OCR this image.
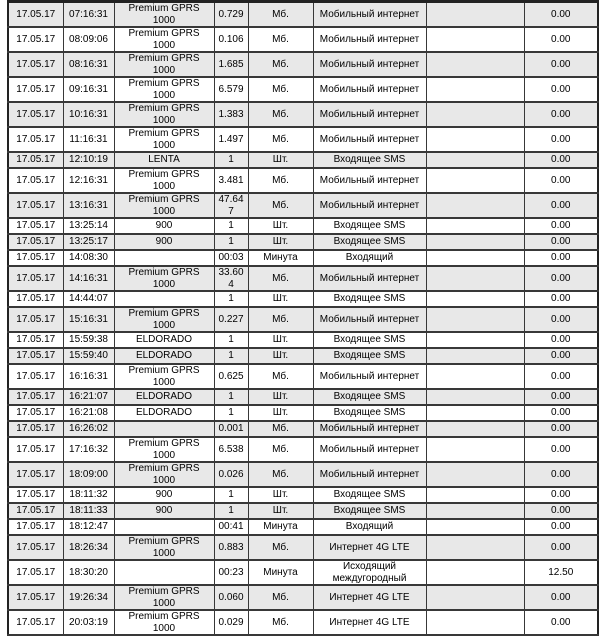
17.05.17	07:16:31	Premium GPRS 1000	0.729	Мб.	Мобильный интернет		0.00
17.05.17	08:09:06	Premium GPRS 1000	0.106	Мб.	Мобильный интернет		0.00
17.05.17	08:16:31	Premium GPRS 1000	1.685	Мб.	Мобильный интернет		0.00
17.05.17	09:16:31	Premium GPRS 1000	6.579	Мб.	Мобильный интернет		0.00
17.05.17	10:16:31	Premium GPRS 1000	1.383	Мб.	Мобильный интернет		0.00
17.05.17	11:16:31	Premium GPRS 1000	1.497	Мб.	Мобильный интернет		0.00
17.05.17	12:10:19	LENTA	1	Шт.	Входящее SMS		0.00
17.05.17	12:16:31	Premium GPRS 1000	3.481	Мб.	Мобильный интернет		0.00
17.05.17	13:16:31	Premium GPRS 1000	47.647	Мб.	Мобильный интернет		0.00
17.05.17	13:25:14	900	1	Шт.	Входящее SMS		0.00
17.05.17	13:25:17	900	1	Шт.	Входящее SMS		0.00
17.05.17	14:08:30		00:03	Минута	Входящий		0.00
17.05.17	14:16:31	Premium GPRS 1000	33.604	Мб.	Мобильный интернет		0.00
17.05.17	14:44:07		1	Шт.	Входящее SMS		0.00
17.05.17	15:16:31	Premium GPRS 1000	0.227	Мб.	Мобильный интернет		0.00
17.05.17	15:59:38	ELDORADO	1	Шт.	Входящее SMS		0.00
17.05.17	15:59:40	ELDORADO	1	Шт.	Входящее SMS		0.00
17.05.17	16:16:31	Premium GPRS 1000	0.625	Мб.	Мобильный интернет		0.00
17.05.17	16:21:07	ELDORADO	1	Шт.	Входящее SMS		0.00
17.05.17	16:21:08	ELDORADO	1	Шт.	Входящее SMS		0.00
17.05.17	16:26:02		0.001	Мб.	Мобильный интернет		0.00
17.05.17	17:16:32	Premium GPRS 1000	6.538	Мб.	Мобильный интернет		0.00
17.05.17	18:09:00	Premium GPRS 1000	0.026	Мб.	Мобильный интернет		0.00
17.05.17	18:11:32	900	1	Шт.	Входящее SMS		0.00
17.05.17	18:11:33	900	1	Шт.	Входящее SMS		0.00
17.05.17	18:12:47		00:41	Минута	Входящий		0.00
17.05.17	18:26:34	Premium GPRS 1000	0.883	Мб.	Интернет 4G LTE		0.00
17.05.17	18:30:20		00:23	Минута	Исходящий междугородный		12.50
17.05.17	19:26:34	Premium GPRS 1000	0.060	Мб.	Интернет 4G LTE		0.00
17.05.17	20:03:19	Premium GPRS 1000	0.029	Мб.	Интернет 4G LTE		0.00
